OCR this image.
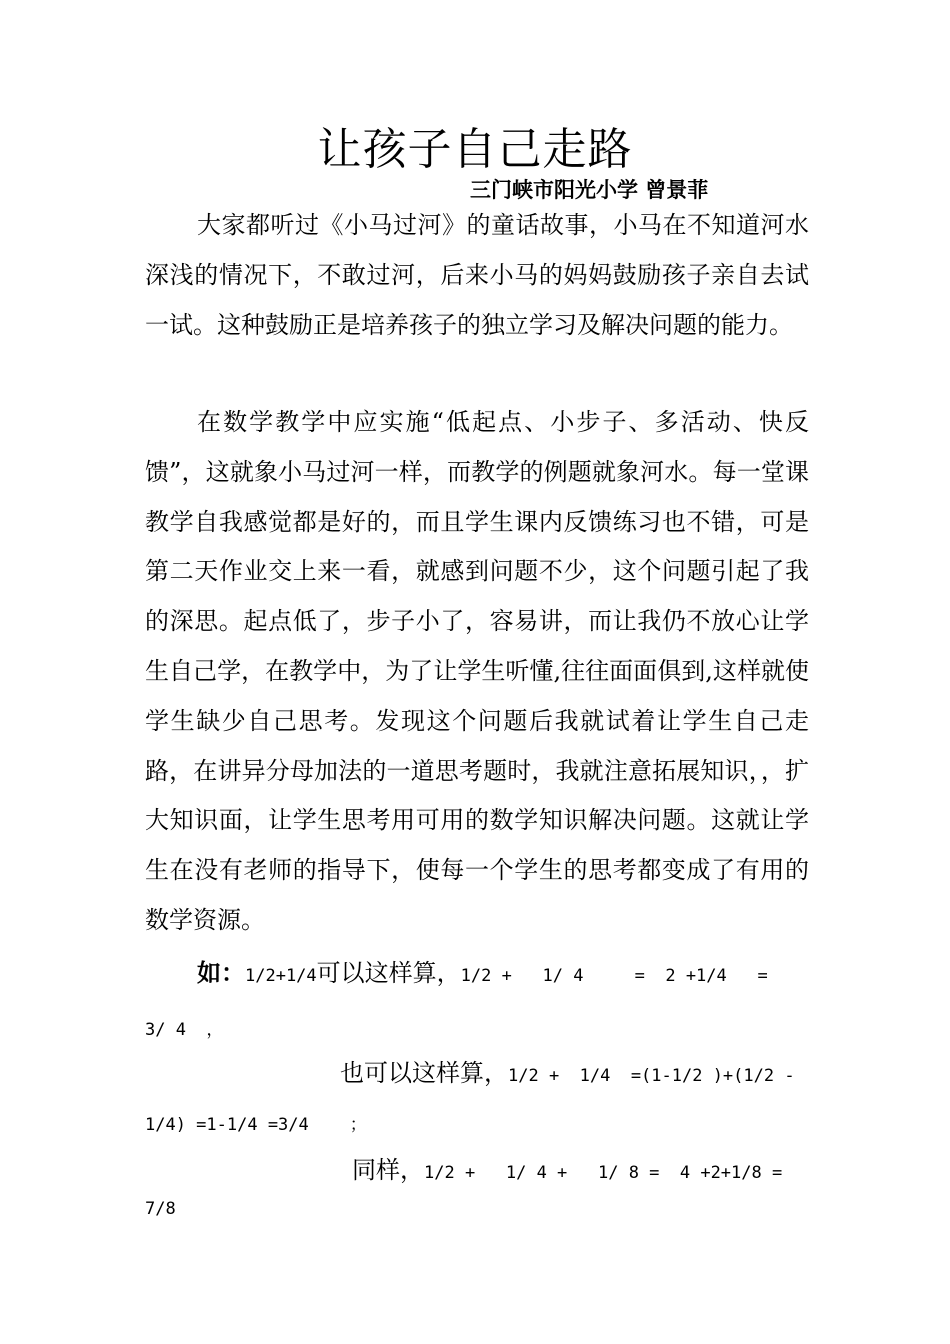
让孩子自己走路
三门峡市阳光小学 曾景菲

大家都听过《小马过河》的童话故事，小马在不知道河水深浅的情况下，不敢过河，后来小马的妈妈鼓励孩子亲自去试一试。这种鼓励正是培养孩子的独立学习及解决问题的能力。

在数学教学中应实施“低起点、小步子、多活动、快反馈”，这就象小马过河一样，而教学的例题就象河水。每一堂课教学自我感觉都是好的，而且学生课内反馈练习也不错，可是第二天作业交上来一看，就感到问题不少，这个问题引起了我的深思。起点低了，步子小了，容易讲，而让我仍不放心让学生自己学，在教学中，为了让学生听懂,往往面面俱到,这样就使学生缺少自己思考。发现这个问题后我就试着让学生自己走路，在讲异分母加法的一道思考题时，我就注意拓展知识，，扩大知识面，让学生思考用可用的数学知识解决问题。这就让学生在没有老师的指导下，使每一个学生的思考都变成了有用的数学资源。

如：1/2+1/4可以这样算，1/2 +   1/ 4     =  2 +1/4   =
3/ 4  ，
也可以这样算，1/2 +  1/4  =(1-1/2 )+(1/2 -
1/4) =1-1/4 =3/4    ；
同样，1/2 +   1/ 4 +   1/ 8 =  4 +2+1/8 =
7/8
